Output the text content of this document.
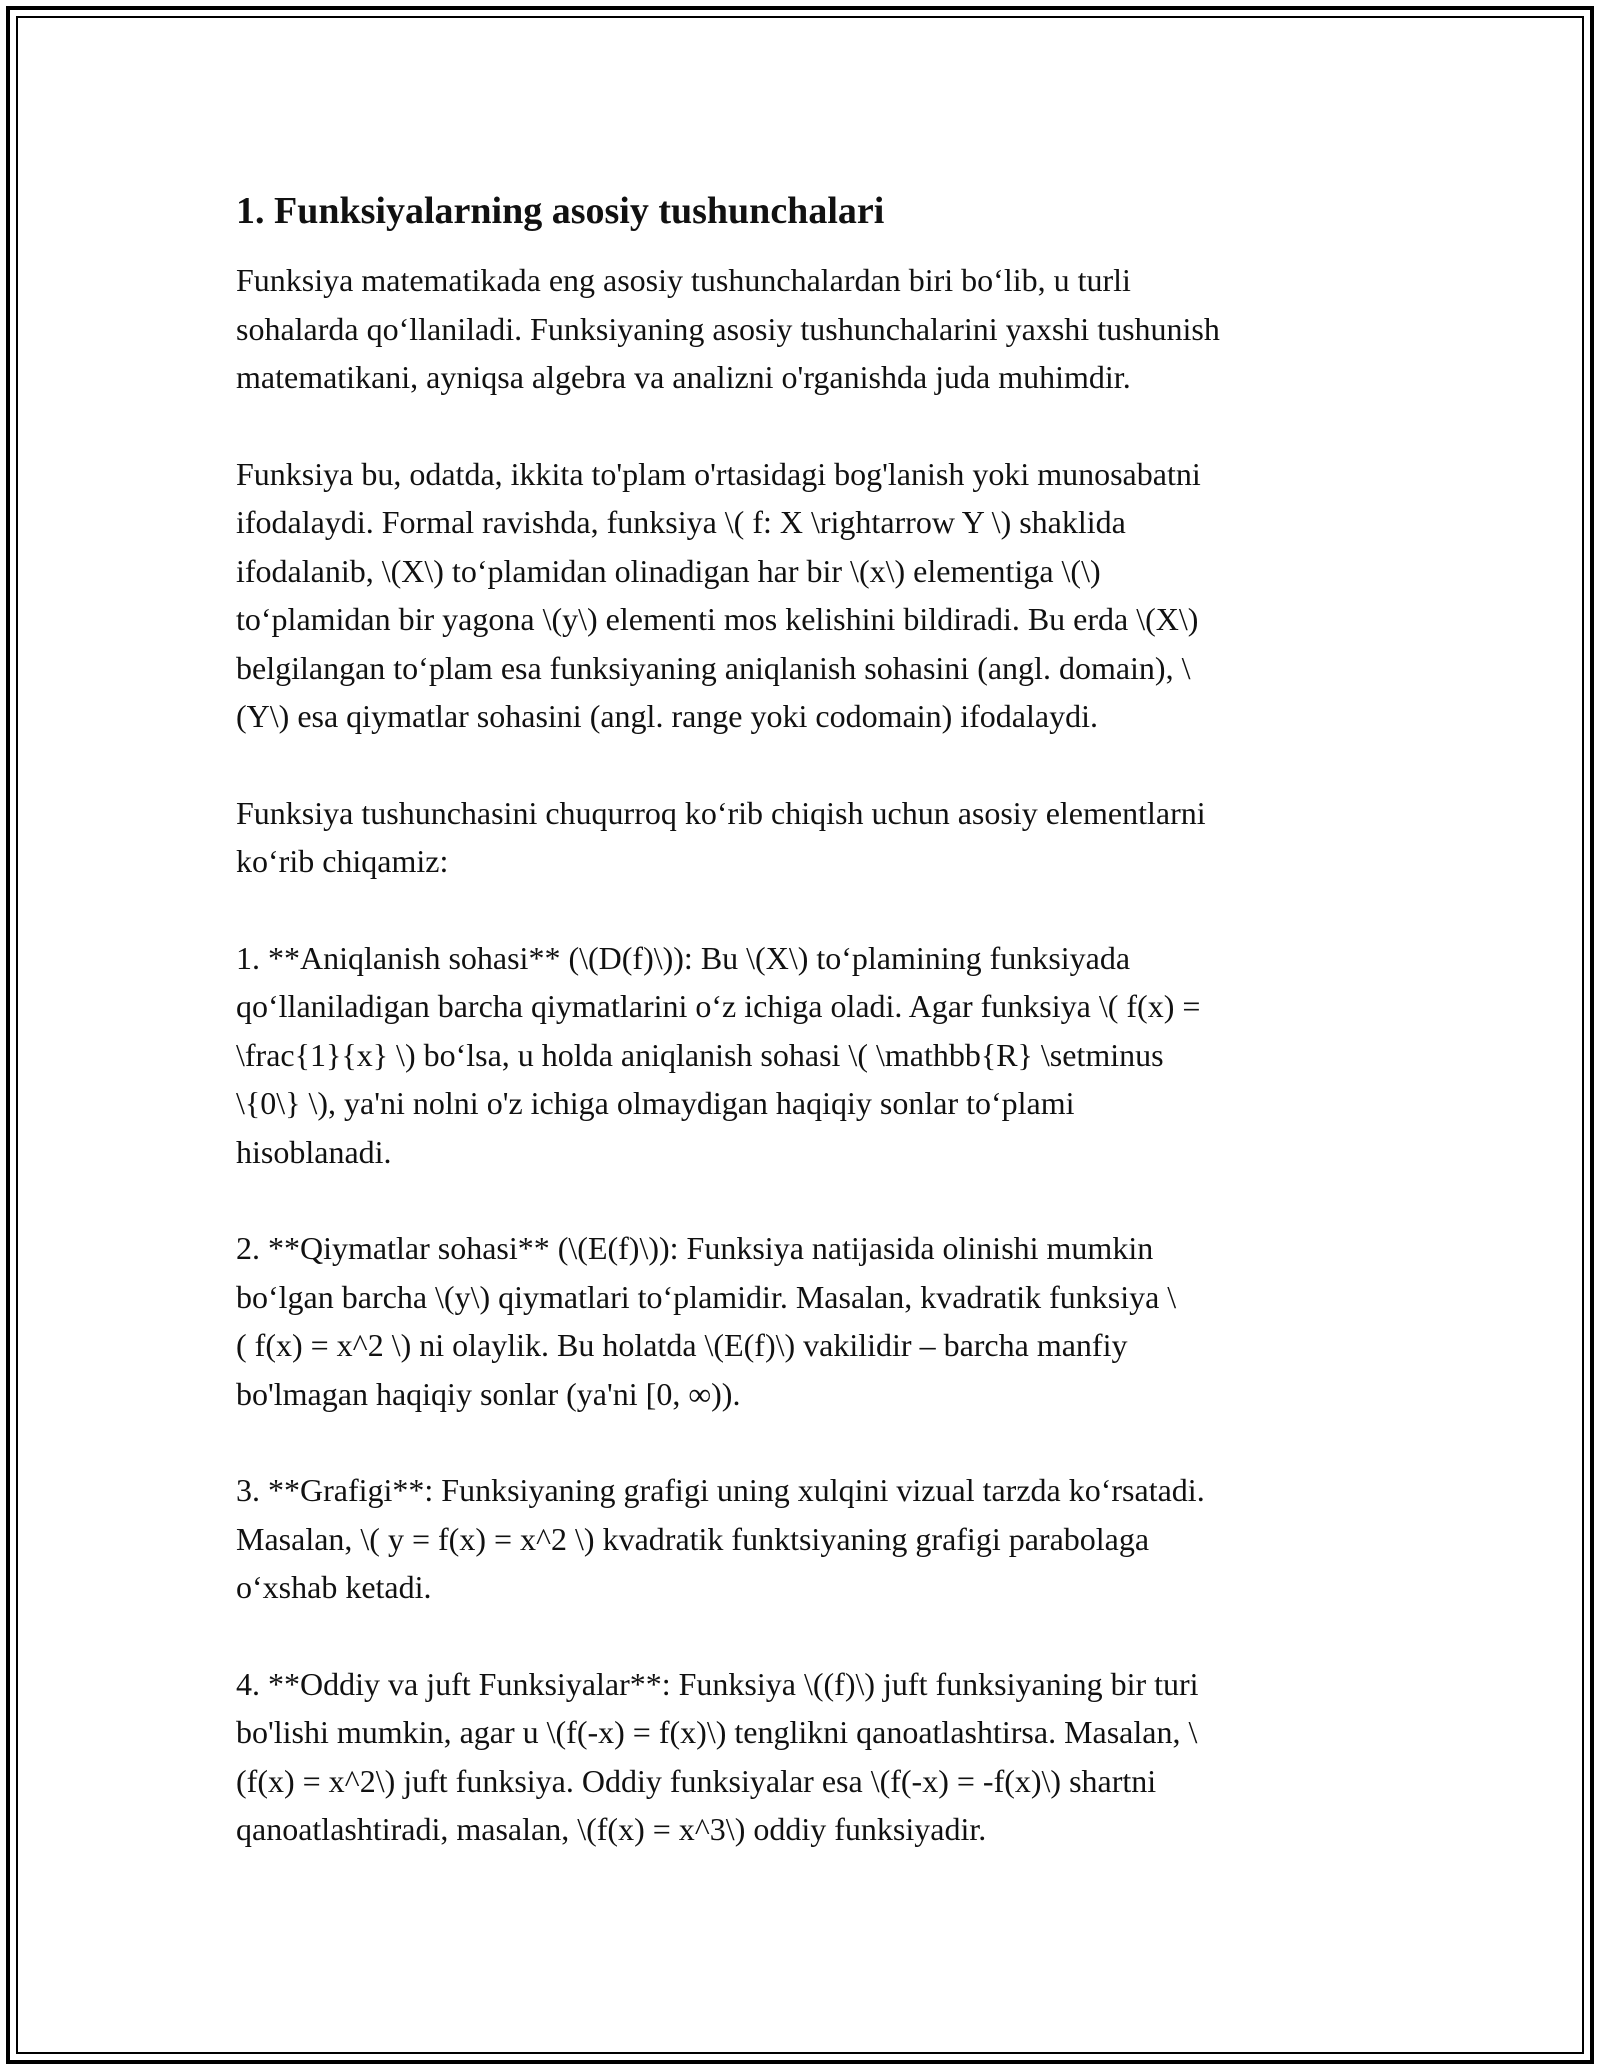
1. Funksiyalarning asosiy tushunchalari

Funksiya matematikada eng asosiy tushunchalardan biri bo‘lib, u turli
sohalarda qo‘llaniladi. Funksiyaning asosiy tushunchalarini yaxshi tushunish
matematikani, ayniqsa algebra va analizni o'rganishda juda muhimdir.

Funksiya bu, odatda, ikkita to'plam o'rtasidagi bog'lanish yoki munosabatni
ifodalaydi. Formal ravishda, funksiya \( f: X \rightarrow Y \) shaklida
ifodalanib, \(X\) to‘plamidan olinadigan har bir \(x\) elementiga \(\)
to‘plamidan bir yagona \(y\) elementi mos kelishini bildiradi. Bu erda \(X\)
belgilangan to‘plam esa funksiyaning aniqlanish sohasini (angl. domain), \
(Y\) esa qiymatlar sohasini (angl. range yoki codomain) ifodalaydi.

Funksiya tushunchasini chuqurroq ko‘rib chiqish uchun asosiy elementlarni
ko‘rib chiqamiz:

1. **Aniqlanish sohasi** (\(D(f)\)): Bu \(X\) to‘plamining funksiyada
qo‘llaniladigan barcha qiymatlarini o‘z ichiga oladi. Agar funksiya \( f(x) =
\frac{1}{x} \) bo‘lsa, u holda aniqlanish sohasi \( \mathbb{R} \setminus
\{0\} \), ya'ni nolni o'z ichiga olmaydigan haqiqiy sonlar to‘plami
hisoblanadi.

2. **Qiymatlar sohasi** (\(E(f)\)): Funksiya natijasida olinishi mumkin
bo‘lgan barcha \(y\) qiymatlari to‘plamidir. Masalan, kvadratik funksiya \
( f(x) = x^2 \) ni olaylik. Bu holatda \(E(f)\) vakilidir – barcha manfiy
bo'lmagan haqiqiy sonlar (ya'ni [0, ∞)).

3. **Grafigi**: Funksiyaning grafigi uning xulqini vizual tarzda ko‘rsatadi.
Masalan, \( y = f(x) = x^2 \) kvadratik funktsiyaning grafigi parabolaga
o‘xshab ketadi.

4. **Oddiy va juft Funksiyalar**: Funksiya \((f)\) juft funksiyaning bir turi
bo'lishi mumkin, agar u \(f(-x) = f(x)\) tenglikni qanoatlashtirsa. Masalan, \
(f(x) = x^2\) juft funksiya. Oddiy funksiyalar esa \(f(-x) = -f(x)\) shartni
qanoatlashtiradi, masalan, \(f(x) = x^3\) oddiy funksiyadir.
